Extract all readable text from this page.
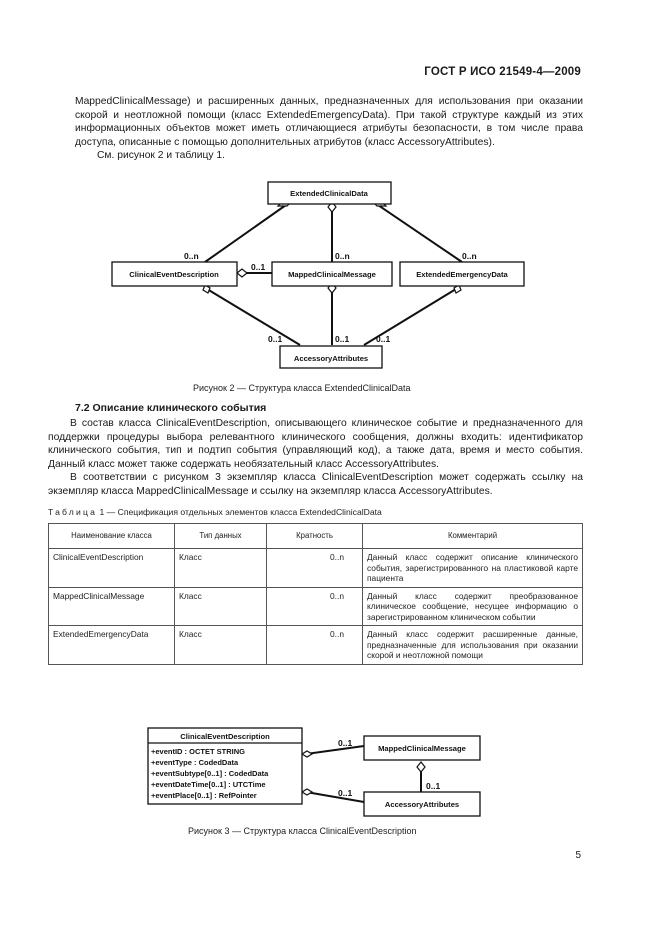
ГОСТ Р ИСО 21549-4—2009

MappedClinicalMessage) и расширенных данных, предназначенных для использования при оказании скорой и неотложной помощи (класс ExtendedEmergencyData). При такой структуре каждый из этих информационных объектов может иметь отличающиеся атрибуты безопасности, в том числе права доступа, описанные с помощью дополнительных атрибутов (класс AccessoryAttributes).

См. рисунок 2 и таблицу 1.

ExtendedClinicalData
ClinicalEventDescription	MappedClinicalMessage	ExtendedEmergencyData
AccessoryAttributes
0..n	0..n	0..n
0..1
0..1	0..1	0..1
Рисунок 2 — Структура класса ExtendedClinicalData
7.2 Описание клинического события

В состав класса ClinicalEventDescription, описывающего клиническое событие и предназначенного для поддержки процедуры выбора релевантного клинического сообщения, должны входить: идентификатор клинического события, тип и подтип события (управляющий код), а также дата, время и место события. Данный класс может также содержать необязательный класс AccessoryAttributes.

В соответствии с рисунком 3 экземпляр класса ClinicalEventDescription может содержать ссылку на экземпляр класса MappedClinicalMessage и ссылку на экземпляр класса AccessoryAttributes.

Таблица 1 — Спецификация отдельных элементов класса ExtendedClinicalData
Наименование класса	Тип данных	Кратность	Комментарий
ClinicalEventDescription	Класс	0..n	Данный класс содержит описание клинического события, зарегистрированного на пластиковой карте пациента
MappedClinicalMessage	Класс	0..n	Данный класс содержит преобразованное клиническое сообщение, несущее информацию о зарегистрированном клиническом событии
ExtendedEmergencyData	Класс	0..n	Данный класс содержит расширенные данные, предназначенные для использования при оказании скорой и неотложной помощи
ClinicalEventDescription
+eventID : OCTET STRING
+eventType : CodedData
+eventSubtype[0..1] : CodedData
+eventDateTime[0..1] : UTCTime
+eventPlace[0..1] : RefPointer
MappedClinicalMessage
AccessoryAttributes
0..1
0..1
0..1
Рисунок 3 — Структура класса ClinicalEventDescription
5
